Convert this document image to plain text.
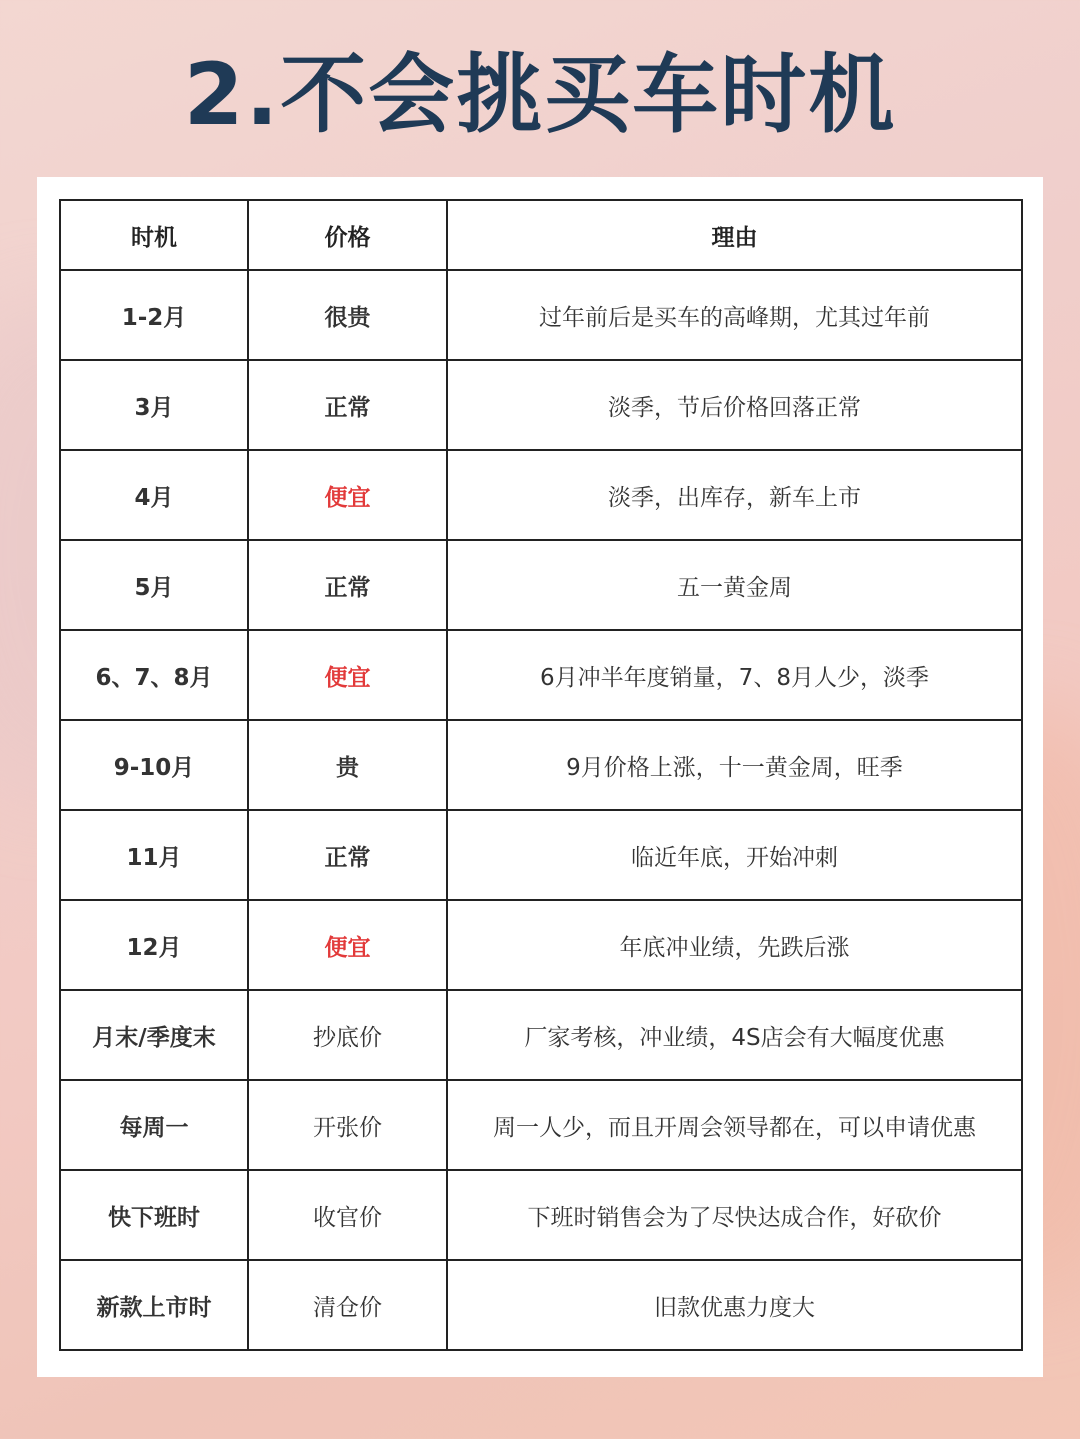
2.不会挑买车时机
时机	价格	理由
1-2月	很贵	过年前后是买车的高峰期，尤其过年前
3月	正常	淡季，节后价格回落正常
4月	便宜	淡季，出库存，新车上市
5月	正常	五一黄金周
6、7、8月	便宜	6月冲半年度销量，7、8月人少，淡季
9-10月	贵	9月价格上涨，十一黄金周，旺季
11月	正常	临近年底，开始冲刺
12月	便宜	年底冲业绩，先跌后涨
月末/季度末	抄底价	厂家考核，冲业绩，4S店会有大幅度优惠
每周一	开张价	周一人少，而且开周会领导都在，可以申请优惠
快下班时	收官价	下班时销售会为了尽快达成合作，好砍价
新款上市时	清仓价	旧款优惠力度大
